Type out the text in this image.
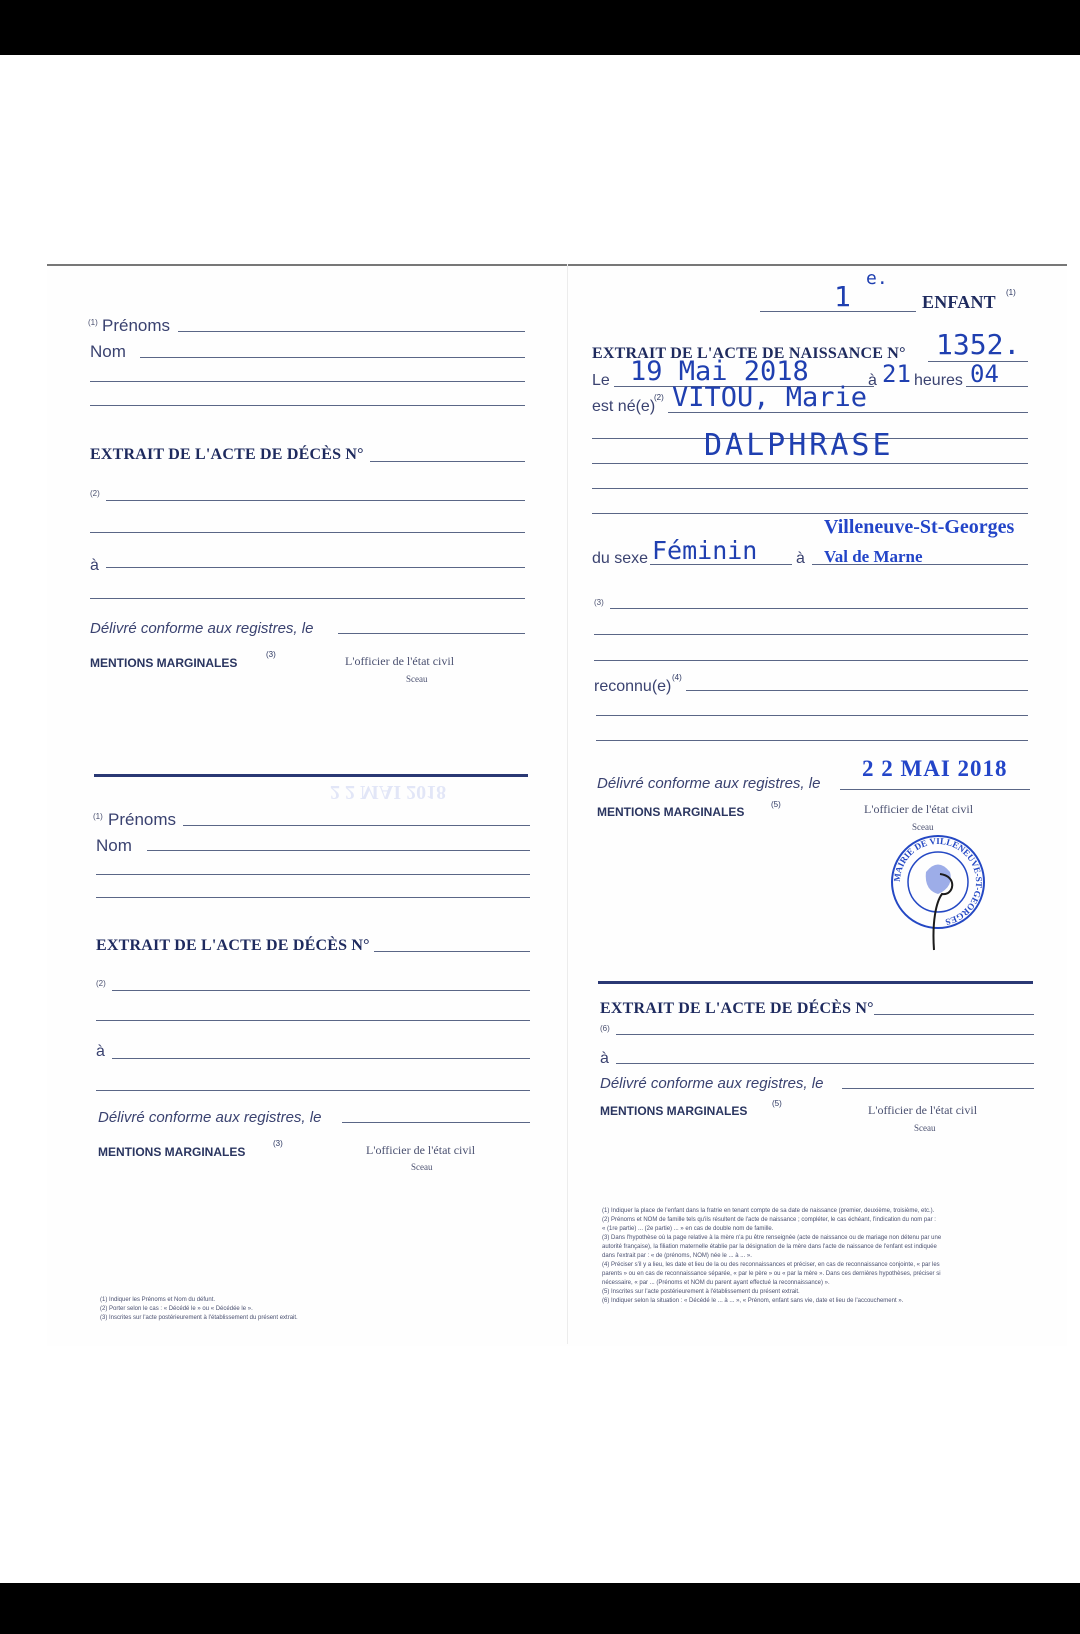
(1) Prénoms
Nom
EXTRAIT DE L'ACTE DE DÉCÈS N°
(2)
à
Délivré conforme aux registres, le
MENTIONS MARGINALES
(3)	L'officier de l'état civil
Sceau
2 2 MAI 2018
(1) Prénoms
Nom
EXTRAIT DE L'ACTE DE DÉCÈS N°
(2)
à
Délivré conforme aux registres, le
MENTIONS MARGINALES
(3)	L'officier de l'état civil
Sceau
(1) Indiquer les Prénoms et Nom du défunt.
(2) Porter selon le cas : « Décédé le » ou « Décédée le ».
(3) Inscrites sur l'acte postérieurement à l'établissement du présent extrait.
1
e.
ENFANT (1)
EXTRAIT DE L'ACTE DE NAISSANCE N° 1352.
Le 19 Mai 2018	à 21 heures 04
est né(e)
(2) VITOU, Marie
DALPHRASE
Villeneuve-St-Georges
du sexe Féminin à Val de Marne
(3)
reconnu(e)
(4)
Délivré conforme aux registres, le
2 2 MAI 2018
MENTIONS MARGINALES
(5)	L'officier de l'état civil
Sceau
MAIRIE DE VILLENEUVE-ST-GEORGES
EXTRAIT DE L'ACTE DE DÉCÈS N°
(6)
à
Délivré conforme aux registres, le
MENTIONS MARGINALES
(5)	L'officier de l'état civil
Sceau
(1) Indiquer la place de l'enfant dans la fratrie en tenant compte de sa date de naissance (premier, deuxième, troisième, etc.).
(2) Prénoms et NOM de famille tels qu'ils résultent de l'acte de naissance ; compléter, le cas échéant, l'indication du nom par :
« (1re partie) ... (2e partie) ... » en cas de double nom de famille.
(3) Dans l'hypothèse où la page relative à la mère n'a pu être renseignée (acte de naissance ou de mariage non détenu par une
autorité française), la filiation maternelle établie par la désignation de la mère dans l'acte de naissance de l'enfant est indiquée
dans l'extrait par : « de (prénoms, NOM) née le ... à ... ».
(4) Préciser s'il y a lieu, les date et lieu de la ou des reconnaissances et préciser, en cas de reconnaissance conjointe, « par les
parents » ou en cas de reconnaissance séparée, « par le père » ou « par la mère ». Dans ces dernières hypothèses, préciser si
nécessaire, « par ... (Prénoms et NOM du parent ayant effectué la reconnaissance) ».
(5) Inscrites sur l'acte postérieurement à l'établissement du présent extrait.
(6) Indiquer selon la situation : « Décédé le ... à ... », « Prénom, enfant sans vie, date et lieu de l'accouchement ».
